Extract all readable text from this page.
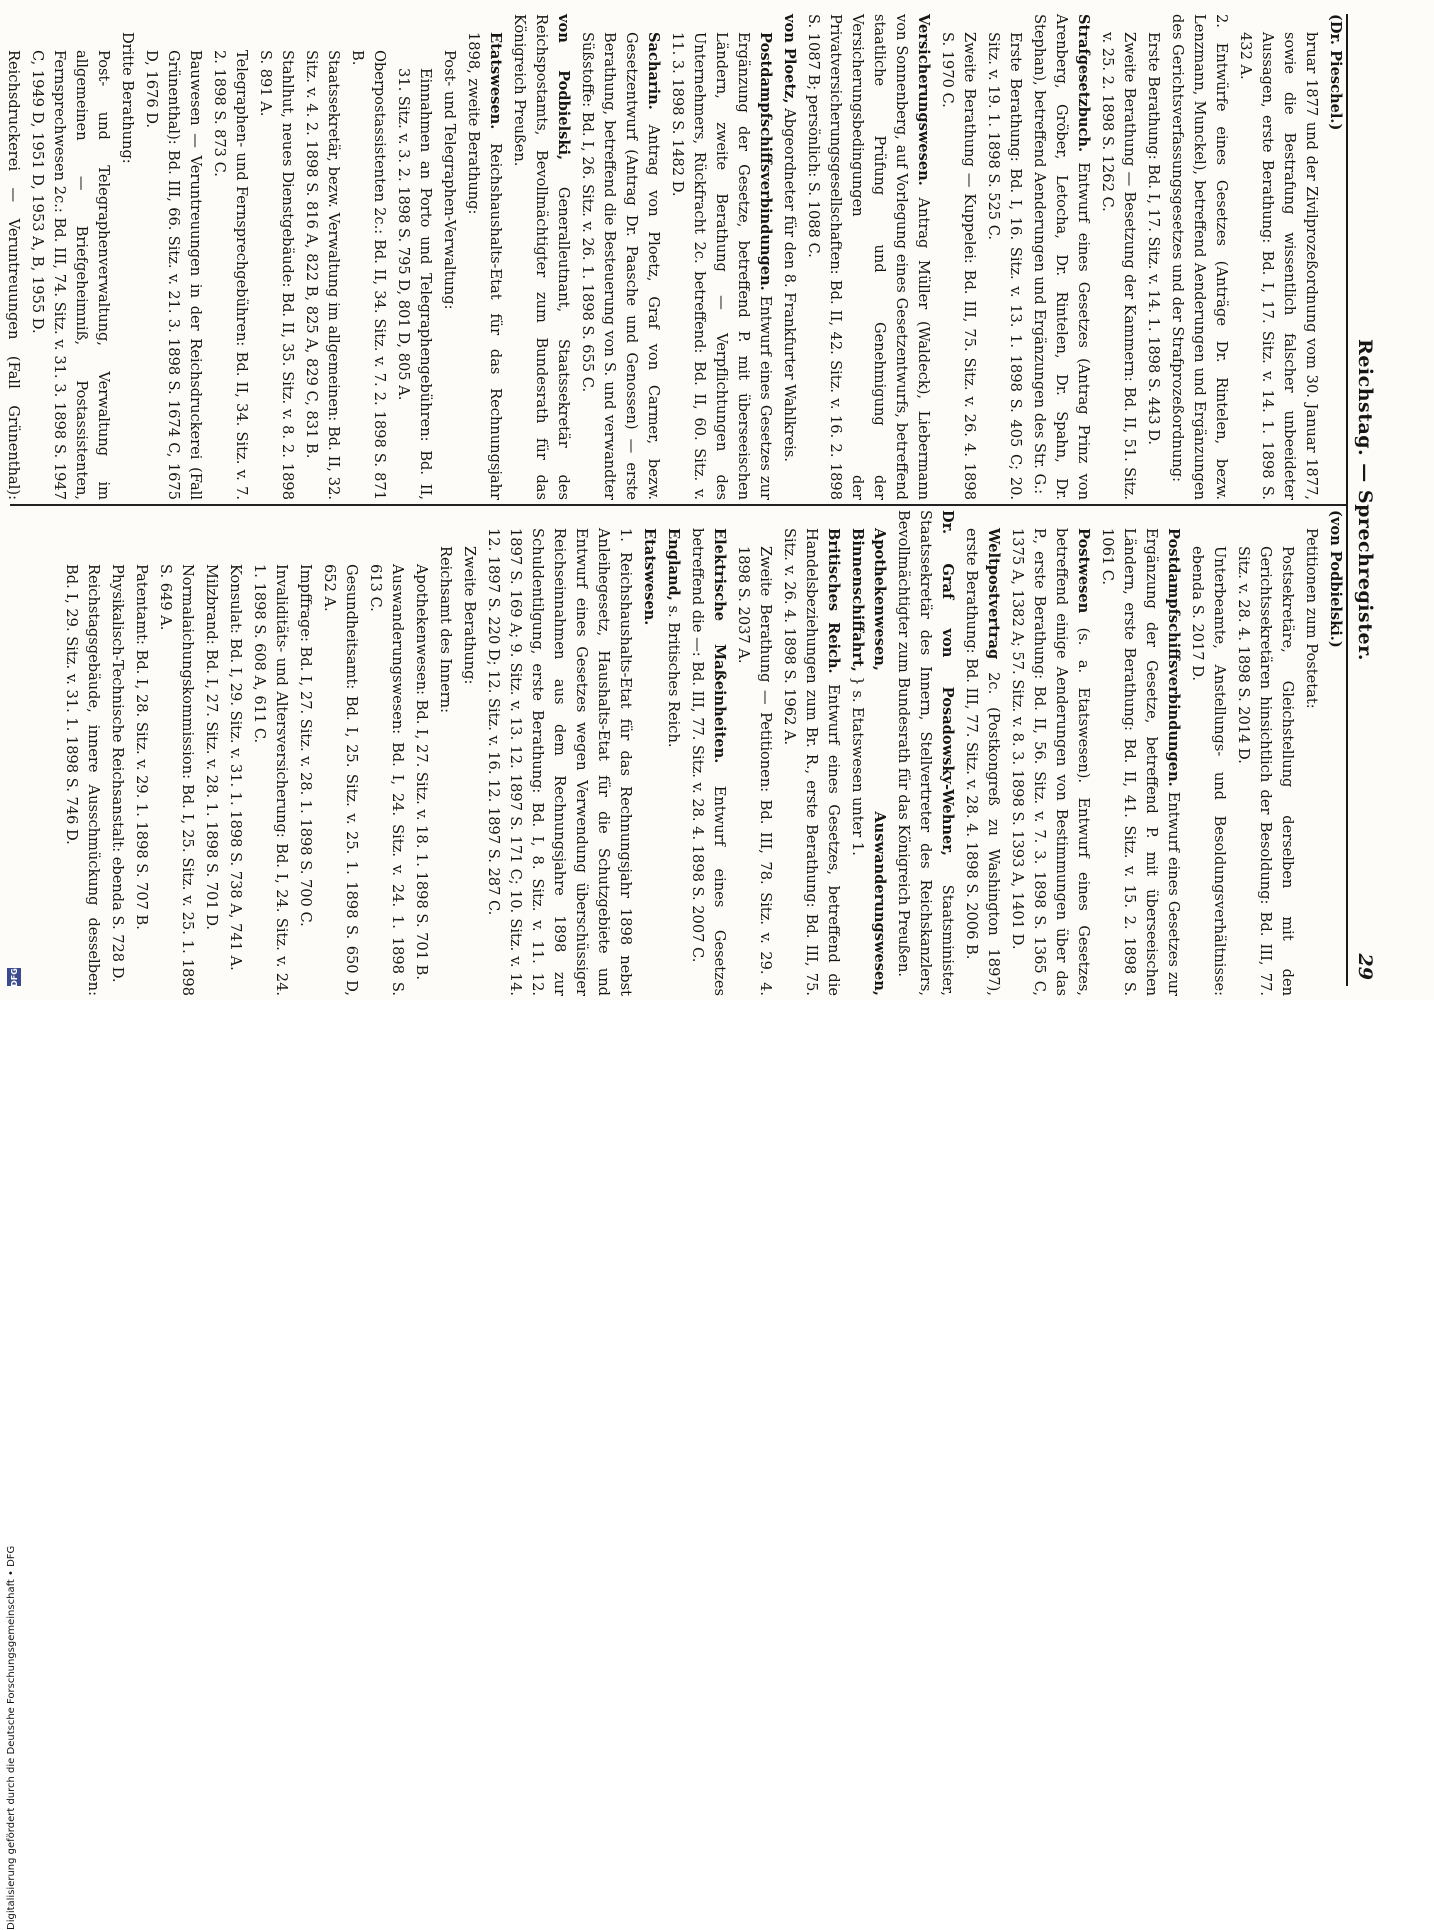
Digitalisierung gefördert durch die Deutsche Forschungsgemeinschaft • DFG
DFG
Reichstag. — Sprechregister.
29

(Dr. Pieschel.)

bruar 1877 und der Zivilprozeßordnung vom 30. Januar 1877, sowie die Bestrafung wissentlich falscher unbeeideter Aussagen, erste Berathung: Bd. I, 17. Sitz. v. 14. 1. 1898 S. 432 A.

2. Entwürfe eines Gesetzes (Anträge Dr. Rintelen, bezw. Lenzmann, Munckel), betreffend Aenderungen und Ergänzungen des Gerichtsverfassungsgesetzes und der Strafprozeßordnung:

Erste Berathung: Bd. I, 17. Sitz. v. 14. 1. 1898 S. 443 D.

Zweite Berathung — Besetzung der Kammern: Bd. II, 51. Sitz. v. 25. 2. 1898 S. 1262 C.

Strafgesetzbuch. Entwurf eines Gesetzes (Antrag Prinz von Arenberg, Gröber, Letocha, Dr. Rintelen, Dr. Spahn, Dr. Stephan), betreffend Aenderungen und Ergänzungen des Str. G.:

Erste Berathung: Bd. I, 16. Sitz. v. 13. 1. 1898 S. 405 C; 20. Sitz. v. 19. 1. 1898 S. 525 C.

Zweite Berathung — Kuppelei: Bd. III, 75. Sitz. v. 26. 4. 1898 S. 1970 C.

Versicherungswesen. Antrag Müller (Waldeck), Liebermann von Sonnenberg, auf Vorlegung eines Gesetzentwurfs, betreffend staatliche Prüfung und Genehmigung der Versicherungsbedingungen der Privatversicherungsgesellschaften: Bd. II, 42. Sitz. v. 16. 2. 1898 S. 1087 B; persönlich: S. 1088 C.

von Ploetz, Abgeordneter für den 8. Frankfurter Wahlkreis.

Postdampfschiffsverbindungen. Entwurf eines Gesetzes zur Ergänzung der Gesetze, betreffend P. mit überseeischen Ländern, zweite Berathung — Verpflichtungen des Unternehmers, Rückfracht 2c. betreffend: Bd. II, 60. Sitz. v. 11. 3. 1898 S. 1482 D.

Sacharin. Antrag von Ploetz, Graf von Carmer, bezw. Gesetzentwurf (Antrag Dr. Paasche und Genossen) — erste Berathung, betreffend die Besteuerung von S. und verwandter Süßstoffe: Bd. I, 26. Sitz. v. 26. 1. 1898 S. 655 C.

von Podbielski, Generalleutnant, Staatssekretär des Reichspostamts, Bevollmächtigter zum Bundesrath für das Königreich Preußen.

Etatswesen. Reichshaushalts-Etat für das Rechnungsjahr 1898, zweite Berathung:

Post- und Telegraphen-Verwaltung:

Einnahmen an Porto und Telegraphengebühren: Bd. II, 31. Sitz. v. 3. 2. 1898 S. 795 D, 801 D, 805 A.

Oberpostassistenten 2c.: Bd. II, 34. Sitz. v. 7. 2. 1898 S. 871 B.

Staatssekretär, bezw. Verwaltung im allgemeinen: Bd. II, 32. Sitz. v. 4. 2. 1898 S. 816 A, 822 B, 825 A, 829 C, 831 B.

Stahlhut, neues Dienstgebäude: Bd. II, 35. Sitz. v. 8. 2. 1898 S. 891 A.

Telegraphen- und Fernsprechgebühren: Bd. II, 34. Sitz. v. 7. 2. 1898 S. 873 C.

Bauwesen — Veruntreuungen in der Reichsdruckerei (Fall Grünenthal): Bd. III, 66. Sitz. v. 21. 3. 1898 S. 1674 C, 1675 D, 1676 D.

Dritte Berathung:

Post- und Telegraphenverwaltung, Verwaltung im allgemeinen — Briefgeheimniß, Postassistenten, Fernsprechwesen 2c.: Bd. III, 74. Sitz. v. 31. 3. 1898 S. 1947 C, 1949 D, 1951 D, 1953 A, B, 1955 D.

Reichsdruckerei — Veruntreuungen (Fall Grünenthal):

(von Podbielski.)

Petitionen zum Postetat:

Postsekretäre, Gleichstellung derselben mit den Gerichtssekretären hinsichtlich der Besoldung: Bd. III, 77. Sitz. v. 28. 4. 1898 S. 2014 D.

Unterbeamte, Anstellungs- und Besoldungsverhältnisse: ebenda S. 2017 D.

Postdampfschiffsverbindungen. Entwurf eines Gesetzes zur Ergänzung der Gesetze, betreffend P. mit überseeischen Ländern, erste Berathung: Bd. II, 41. Sitz. v. 15. 2. 1898 S. 1061 C.

Postwesen (s. a. Etatswesen). Entwurf eines Gesetzes, betreffend einige Aenderungen von Bestimmungen über das P., erste Berathung: Bd. II, 56. Sitz. v. 7. 3. 1898 S. 1365 C, 1375 A, 1382 A; 57. Sitz. v. 8. 3. 1898 S. 1393 A, 1401 D.

Weltpostvertrag 2c. (Postkongreß zu Washington 1897), erste Berathung: Bd. III, 77. Sitz. v. 28. 4. 1898 S. 2006 B.

Dr. Graf von Posadowsky-Wehner, Staatsminister, Staatssekretär des Innern, Stellvertreter des Reichskanzlers, Bevollmächtigter zum Bundesrath für das Königreich Preußen.

Apothekenwesen, Auswanderungswesen, Binnenschiffahrt, } s. Etatswesen unter 1.

Britisches Reich. Entwurf eines Gesetzes, betreffend die Handelsbeziehungen zum Br. R., erste Berathung: Bd. III, 75. Sitz. v. 26. 4. 1898 S. 1962 A.

Zweite Berathung — Petitionen: Bd. III, 78. Sitz. v. 29. 4. 1898 S. 2037 A.

Elektrische Maßeinheiten. Entwurf eines Gesetzes betreffend die —: Bd. III, 77. Sitz. v. 28. 4. 1898 S. 2007 C.

England, s. Britisches Reich.

Etatswesen.

1. Reichshaushalts-Etat für das Rechnungsjahr 1898 nebst Anleihegesetz, Haushalts-Etat für die Schutzgebiete und Entwurf eines Gesetzes wegen Verwendung überschüssiger Reichseinnahmen aus dem Rechnungsjahre 1898 zur Schuldentilgung, erste Berathung: Bd. I, 8. Sitz. v. 11. 12. 1897 S. 169 A; 9. Sitz. v. 13. 12. 1897 S. 171 C; 10. Sitz. v. 14. 12. 1897 S. 220 D; 12. Sitz. v. 16. 12. 1897 S. 287 C.

Zweite Berathung:

Reichsamt des Innern:

Apothekenwesen: Bd. I, 27. Sitz. v. 18. 1. 1898 S. 701 B.

Auswanderungswesen: Bd. I, 24. Sitz. v. 24. 1. 1898 S. 613 C.

Gesundheitsamt: Bd. I, 25. Sitz. v. 25. 1. 1898 S. 650 D, 652 A.

Impffrage: Bd. I, 27. Sitz. v. 28. 1. 1898 S. 700 C.

Invaliditäts- und Altersversicherung: Bd. I, 24. Sitz. v. 24. 1. 1898 S. 608 A, 611 C.

Konsulat: Bd. I, 29. Sitz. v. 31. 1. 1898 S. 738 A, 741 A.

Milzbrand: Bd. I, 27. Sitz. v. 28. 1. 1898 S. 701 D.

Normalaichungskommission: Bd. I, 25. Sitz. v. 25. 1. 1898 S. 649 A.

Patentamt: Bd. I, 28. Sitz. v. 29. 1. 1898 S. 707 B.

Physikalisch-Technische Reichsanstalt: ebenda S. 728 D.

Reichstagsgebäude, innere Ausschmückung desselben: Bd. I, 29. Sitz. v. 31. 1. 1898 S. 746 D.
